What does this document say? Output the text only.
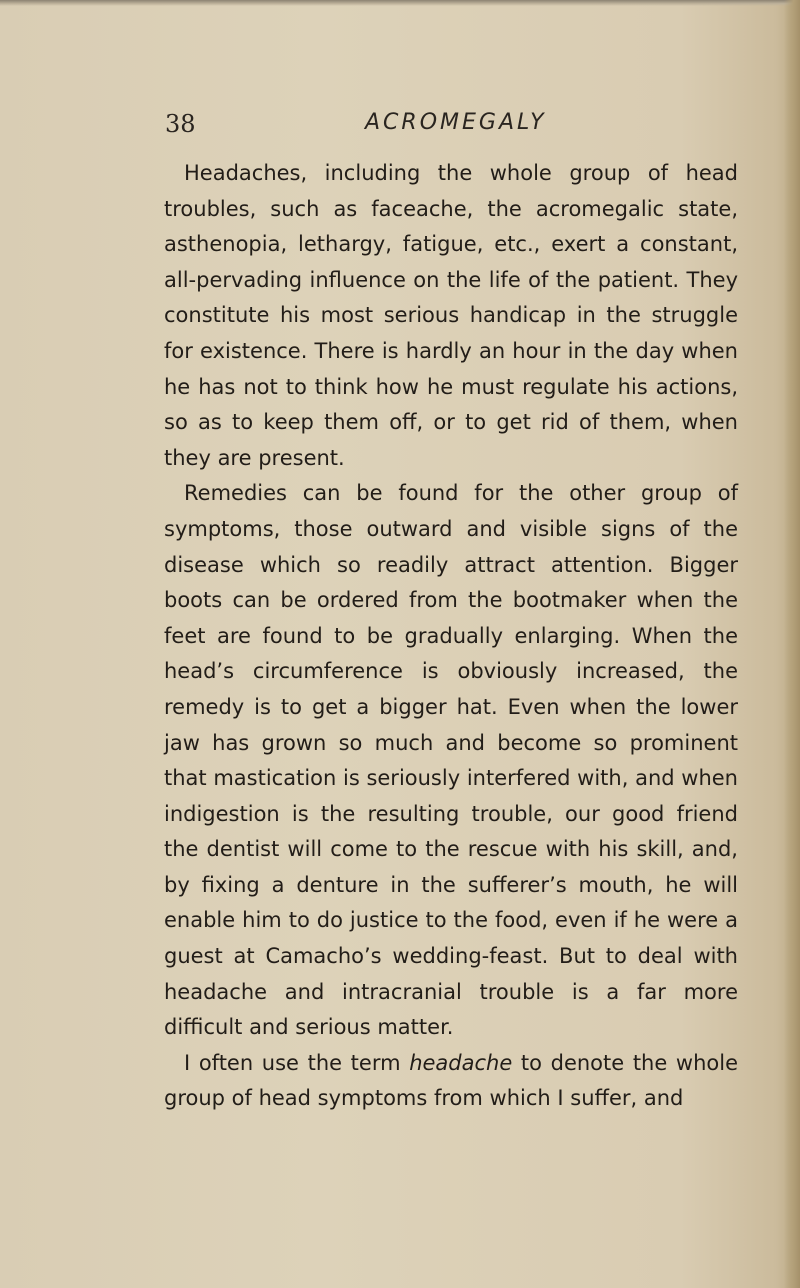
38	ACROMEGALY

Headaches, including the whole group of head troubles, such as faceache, the acromegalic state, asthenopia, lethargy, fatigue, etc., exert a constant, all-pervading influence on the life of the patient. They constitute his most serious handicap in the struggle for existence. There is hardly an hour in the day when he has not to think how he must regulate his actions, so as to keep them off, or to get rid of them, when they are present.

Remedies can be found for the other group of symptoms, those outward and visible signs of the disease which so readily attract attention. Bigger boots can be ordered from the bootmaker when the feet are found to be gradually enlarging. When the head’s circumference is obviously increased, the remedy is to get a bigger hat. Even when the lower jaw has grown so much and become so prominent that mastication is seriously interfered with, and when indigestion is the resulting trouble, our good friend the dentist will come to the rescue with his skill, and, by fixing a denture in the sufferer’s mouth, he will enable him to do justice to the food, even if he were a guest at Camacho’s wedding-feast. But to deal with headache and intracranial trouble is a far more difficult and serious matter.

I often use the term headache to denote the whole group of head symptoms from which I suffer, and
